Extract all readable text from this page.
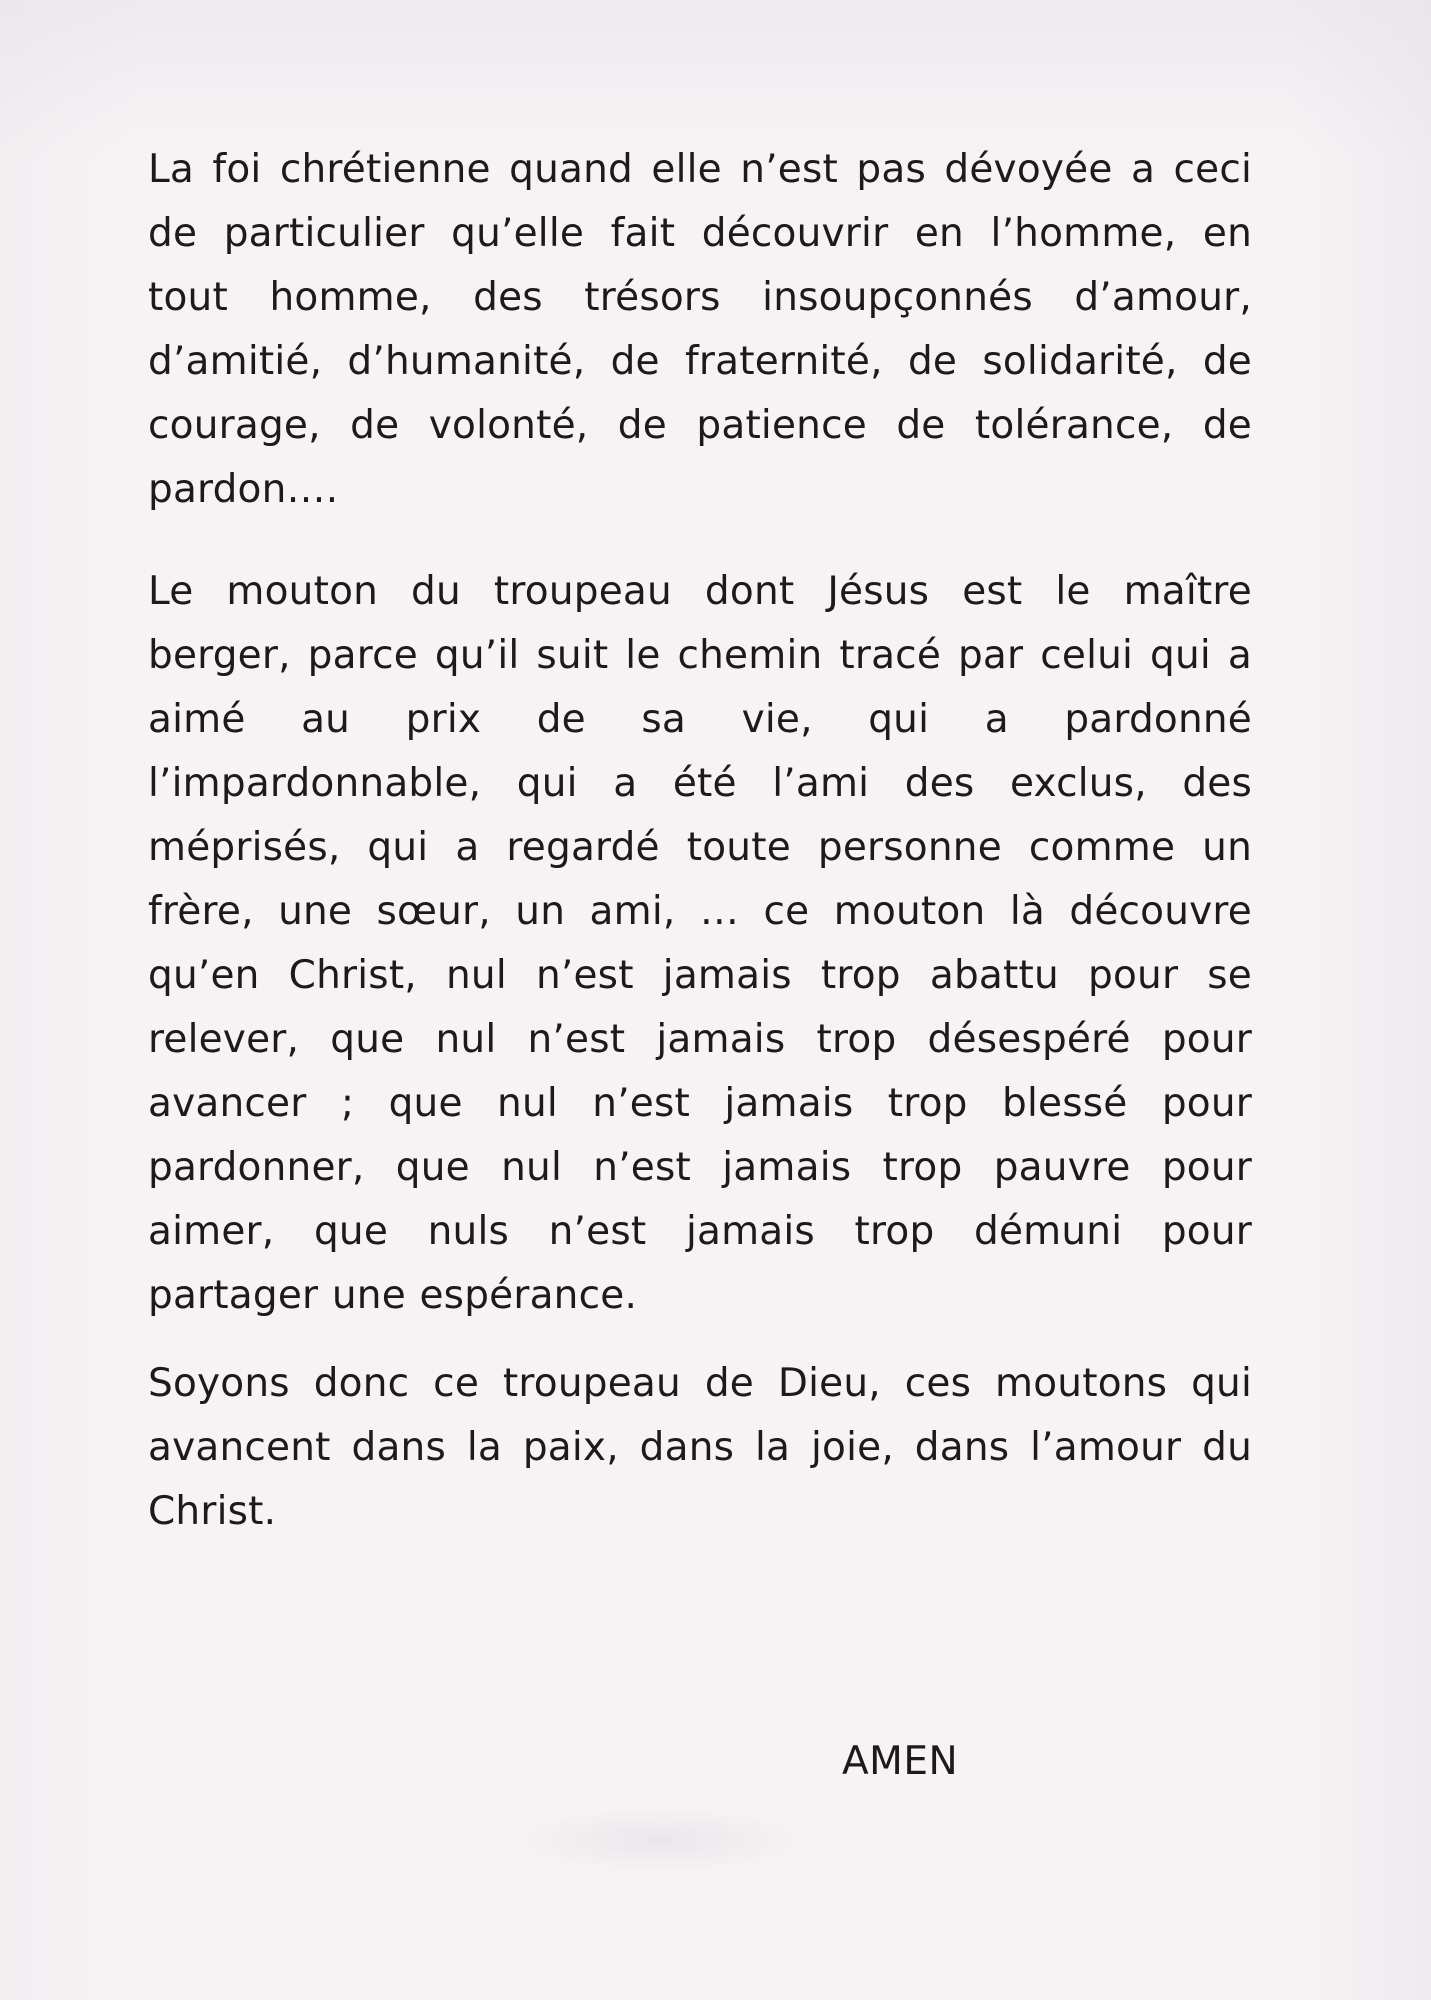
La foi chrétienne quand elle n’est pas dévoyée a ceci de particulier qu’elle fait découvrir en l’homme, en tout homme, des trésors insoupçonnés d’amour, d’amitié, d’humanité, de fraternité, de solidarité, de courage, de volonté, de patience de tolérance, de pardon….

Le mouton du troupeau dont Jésus est le maître berger, parce qu’il suit le chemin tracé par celui qui a aimé au prix de sa vie, qui a pardonné l’impardonnable, qui a été l’ami des exclus, des méprisés, qui a regardé toute personne comme un frère, une sœur, un ami, … ce mouton là découvre qu’en Christ, nul n’est jamais trop abattu pour se relever, que nul n’est jamais trop désespéré pour avancer ; que nul n’est jamais trop blessé pour pardonner, que nul n’est jamais trop pauvre pour aimer, que nuls n’est jamais trop démuni pour partager une espérance.

Soyons donc ce troupeau de Dieu, ces moutons qui avancent dans la paix, dans la joie, dans l’amour du Christ.

AMEN
